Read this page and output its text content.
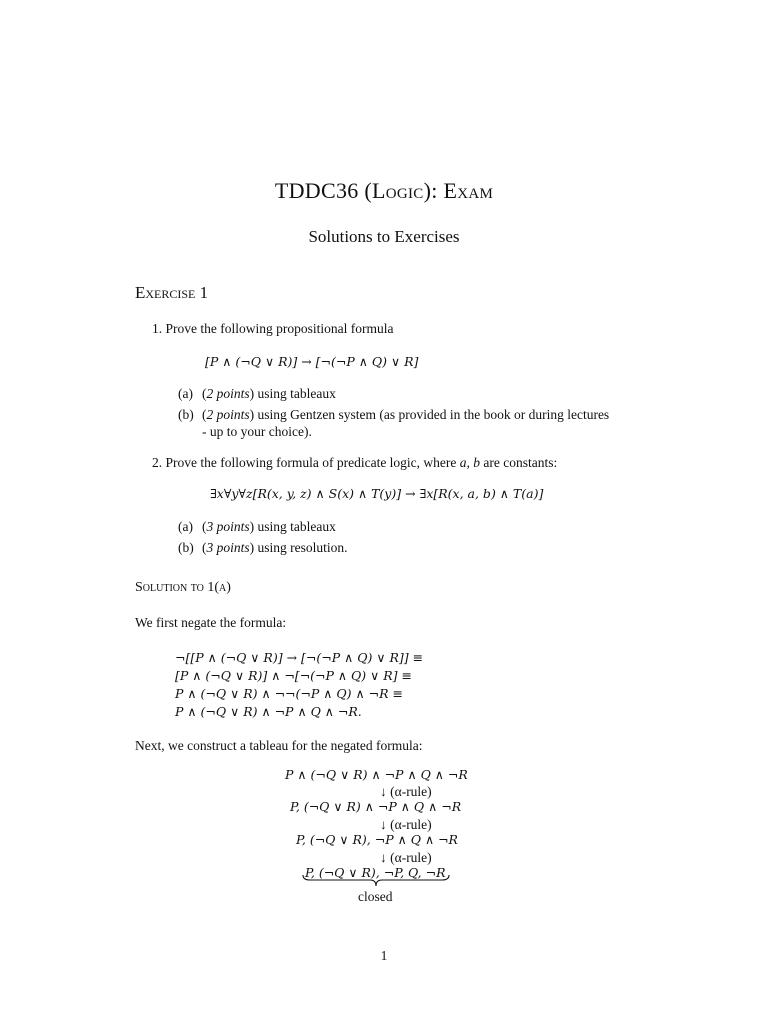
TDDC36 (Logic): Exam
Solutions to Exercises
Exercise 1
1. Prove the following propositional formula
[P ∧ (¬Q ∨ R)] → [¬(¬P ∧ Q) ∨ R]
(a) (2 points) using tableaux
(b) (2 points) using Gentzen system (as provided in the book or during lectures
- up to your choice).
2. Prove the following formula of predicate logic, where a, b are constants:
∃x∀y∀z[R(x, y, z) ∧ S(x) ∧ T(y)] → ∃x[R(x, a, b) ∧ T(a)]
(a) (3 points) using tableaux
(b) (3 points) using resolution.
Solution to 1(a)
We first negate the formula:
¬[[P ∧ (¬Q ∨ R)] → [¬(¬P ∧ Q) ∨ R]] ≡
[P ∧ (¬Q ∨ R)] ∧ ¬[¬(¬P ∧ Q) ∨ R] ≡
P ∧ (¬Q ∨ R) ∧ ¬¬(¬P ∧ Q) ∧ ¬R ≡
P ∧ (¬Q ∨ R) ∧ ¬P ∧ Q ∧ ¬R.
Next, we construct a tableau for the negated formula:
P ∧ (¬Q ∨ R) ∧ ¬P ∧ Q ∧ ¬R
↓ (α-rule)
P, (¬Q ∨ R) ∧ ¬P ∧ Q ∧ ¬R
↓ (α-rule)
P, (¬Q ∨ R), ¬P ∧ Q ∧ ¬R
↓ (α-rule)
P, (¬Q ∨ R), ¬P, Q, ¬R
closed
1
